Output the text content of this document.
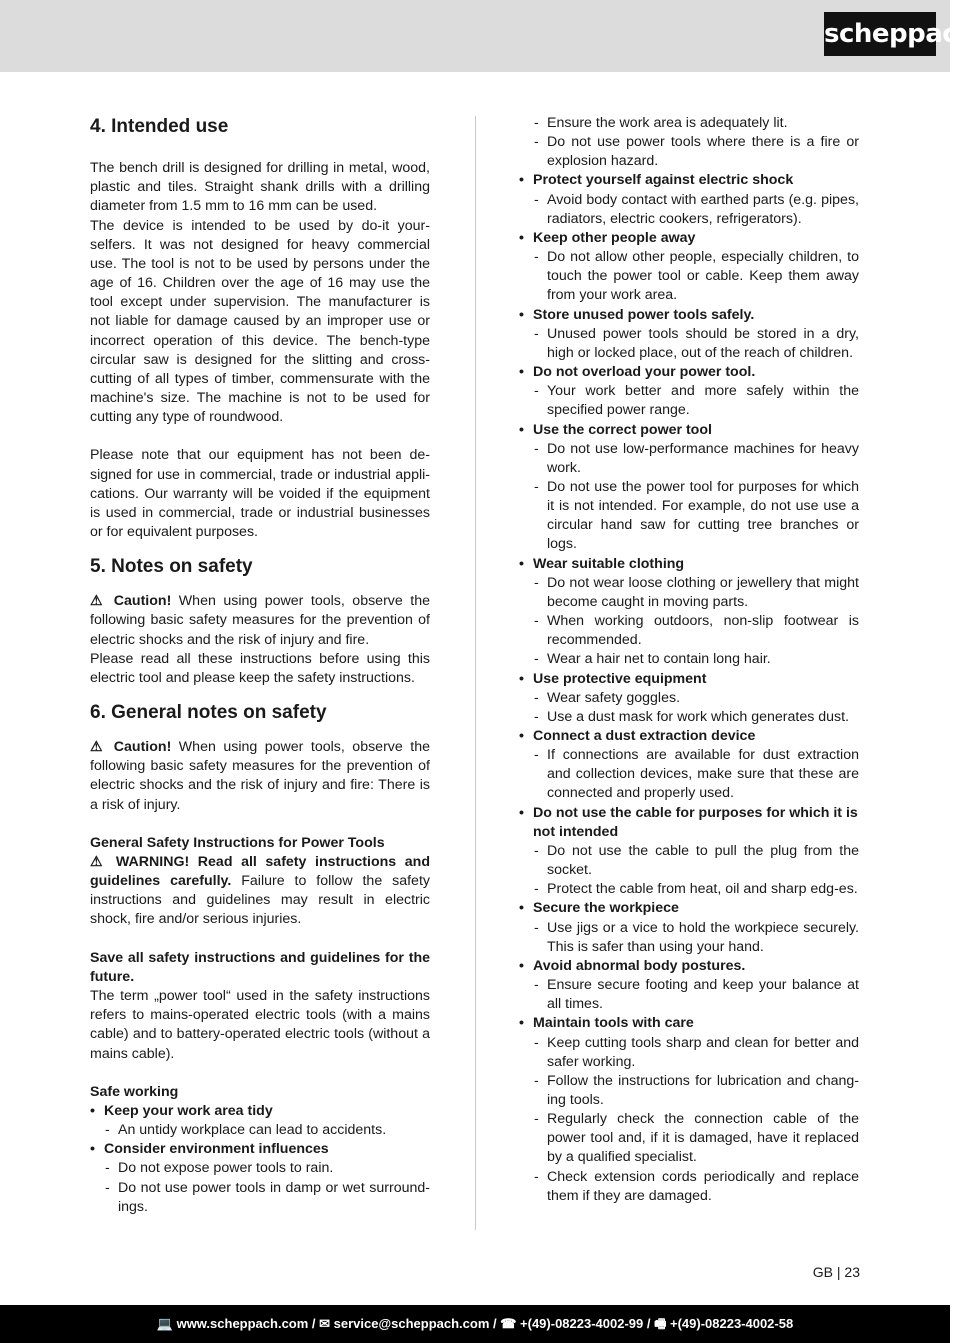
scheppach
4. Intended use

The bench drill is designed for drilling in metal, wood, plastic and tiles. Straight shank drills with a drilling diameter from 1.5 mm to 16 mm can be used.

The device is intended to be used by do-it your-selfers. It was not designed for heavy commercial use. The tool is not to be used by persons under the age of 16. Children over the age of 16 may use the tool except under supervision. The manufacturer is not liable for damage caused by an improper use or incorrect operation of this device. The bench-type circular saw is designed for the slitting and cross-cutting of all types of timber, commensurate with the machine's size. The machine is not to be used for cutting any type of roundwood.

Please note that our equipment has not been de-signed for use in commercial, trade or industrial appli-cations. Our warranty will be voided if the equipment is used in commercial, trade or industrial businesses or for equivalent purposes.

5. Notes on safety

⚠ Caution! When using power tools, observe the following basic safety measures for the prevention of electric shocks and the risk of injury and fire.

Please read all these instructions before using this electric tool and please keep the safety instructions.

6. General notes on safety

⚠ Caution! When using power tools, observe the following basic safety measures for the prevention of electric shocks and the risk of injury and fire: There is a risk of injury.

General Safety Instructions for Power Tools

⚠ WARNING! Read all safety instructions and guidelines carefully. Failure to follow the safety instructions and guidelines may result in electric shock, fire and/or serious injuries.

Save all safety instructions and guidelines for the future.

The term „power tool“ used in the safety instructions refers to mains-operated electric tools (with a mains cable) and to battery-operated electric tools (without a mains cable).

Safe working

• Keep your work area tidy
- An untidy workplace can lead to accidents.
• Consider environment influences
- Do not expose power tools to rain.
- Do not use power tools in damp or wet surround-ings.
- Ensure the work area is adequately lit.
- Do not use power tools where there is a fire or explosion hazard.
• Protect yourself against electric shock
- Avoid body contact with earthed parts (e.g. pipes, radiators, electric cookers, refrigerators).
• Keep other people away
- Do not allow other people, especially children, to touch the power tool or cable. Keep them away from your work area.
• Store unused power tools safely.
- Unused power tools should be stored in a dry, high or locked place, out of the reach of children.
• Do not overload your power tool.
- Your work better and more safely within the specified power range.
• Use the correct power tool
- Do not use low-performance machines for heavy work.
- Do not use the power tool for purposes for which it is not intended. For example, do not use use a circular hand saw for cutting tree branches or logs.
• Wear suitable clothing
- Do not wear loose clothing or jewellery that might become caught in moving parts.
- When working outdoors, non-slip footwear is recommended.
- Wear a hair net to contain long hair.
• Use protective equipment
- Wear safety goggles.
- Use a dust mask for work which generates dust.
• Connect a dust extraction device
- If connections are available for dust extraction and collection devices, make sure that these are connected and properly used.
• Do not use the cable for purposes for which it is not intended
- Do not use the cable to pull the plug from the socket.
- Protect the cable from heat, oil and sharp edg-es.
• Secure the workpiece
- Use jigs or a vice to hold the workpiece securely. This is safer than using your hand.
• Avoid abnormal body postures.
- Ensure secure footing and keep your balance at all times.
• Maintain tools with care
- Keep cutting tools sharp and clean for better and safer working.
- Follow the instructions for lubrication and chang-ing tools.
- Regularly check the connection cable of the power tool and, if it is damaged, have it replaced by a qualified specialist.
- Check extension cords periodically and replace them if they are damaged.
GB | 23
💻 www.scheppach.com / ✉ service@scheppach.com / ☎ +(49)-08223-4002-99 / 🖷 +(49)-08223-4002-58
